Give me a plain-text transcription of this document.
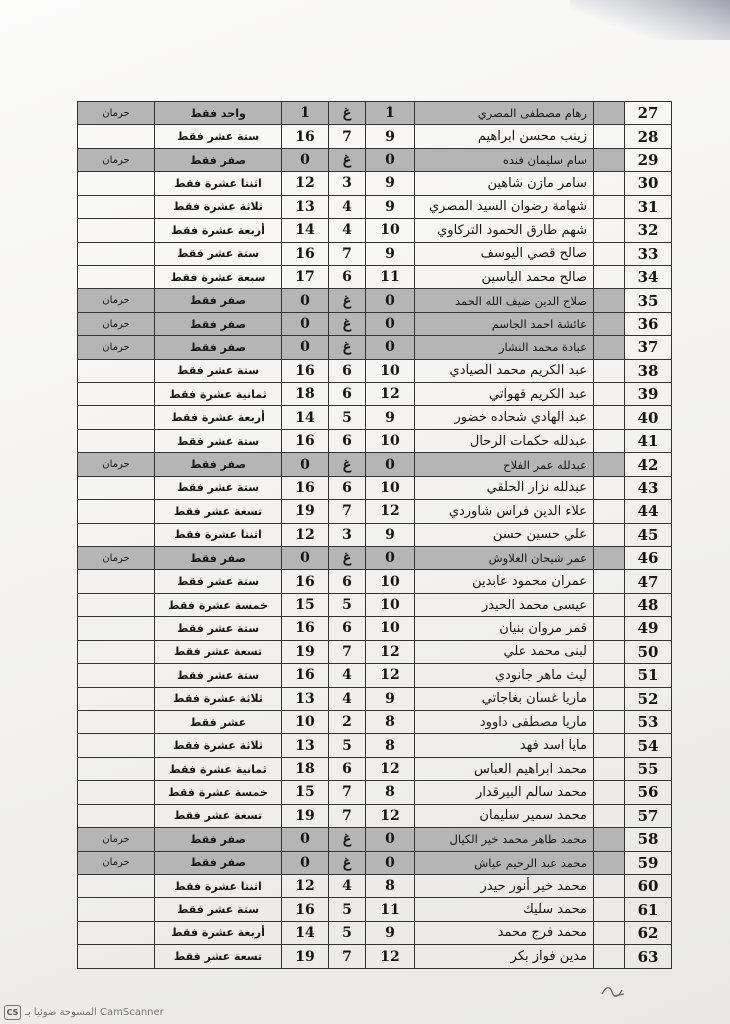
27		رهام مصطفى المصري	1	غ	1	واحد فقط	حرمان
28		زينب محسن ابراهيم	9	7	16	ستة عشر فقط	
29		سام سليمان فنده	0	غ	0	صفر فقط	حرمان
30		سامر مازن شاهين	9	3	12	اثنتا عشرة فقط	
31		شهامة رضوان السيد المصري	9	4	13	ثلاثة عشرة فقط	
32		شهم طارق الحمود التركاوي	10	4	14	أربعة عشرة فقط	
33		صالح قصي اليوسف	9	7	16	ستة عشر فقط	
34		صالح محمد الياسين	11	6	17	سبعة عشرة فقط	
35		صلاح الدين ضيف الله الحمد	0	غ	0	صفر فقط	حرمان
36		عائشة احمد الجاسم	0	غ	0	صفر فقط	حرمان
37		عبادة محمد النشار	0	غ	0	صفر فقط	حرمان
38		عبد الكريم محمد الصيادي	10	6	16	ستة عشر فقط	
39		عبد الكريم قهواتي	12	6	18	ثمانية عشرة فقط	
40		عبد الهادي شحاده خضور	9	5	14	أربعة عشرة فقط	
41		عبدلله حكمات الرحال	10	6	16	ستة عشر فقط	
42		عبدلله عمر الفلاح	0	غ	0	صفر فقط	حرمان
43		عبدلله نزار الحلقي	10	6	16	ستة عشر فقط	
44		علاء الدين فراس شاوردي	12	7	19	تسعة عشر فقط	
45		علي حسين حسن	9	3	12	اثنتا عشرة فقط	
46		عمر شيحان العلاوش	0	غ	0	صفر فقط	حرمان
47		عمران محمود عابدين	10	6	16	ستة عشر فقط	
48		عيسى محمد الحيدر	10	5	15	خمسة عشرة فقط	
49		قمر مروان بنيان	10	6	16	ستة عشر فقط	
50		لبنى محمد علي	12	7	19	تسعة عشر فقط	
51		ليث ماهر جانودي	12	4	16	ستة عشر فقط	
52		ماريا غسان بغاجاتي	9	4	13	ثلاثة عشرة فقط	
53		ماريا مصطفى داوود	8	2	10	عشر فقط	
54		مايا اسد فهد	8	5	13	ثلاثة عشرة فقط	
55		محمد ابراهيم العباس	12	6	18	ثمانية عشرة فقط	
56		محمد سالم البيرقدار	8	7	15	خمسة عشرة فقط	
57		محمد سمير سليمان	12	7	19	تسعة عشر فقط	
58		محمد طاهر محمد خير الكيال	0	غ	0	صفر فقط	حرمان
59		محمد عبد الرحيم عياش	0	غ	0	صفر فقط	حرمان
60		محمد خير أنور حيدر	8	4	12	اثنتا عشرة فقط	
61		محمد سليك	11	5	16	ستة عشر فقط	
62		محمد فرج محمد	9	5	14	أربعة عشرة فقط	
63		مدين فواز بكر	12	7	19	تسعة عشر فقط	
CS المسوحة ضوئيا بـ CamScanner
